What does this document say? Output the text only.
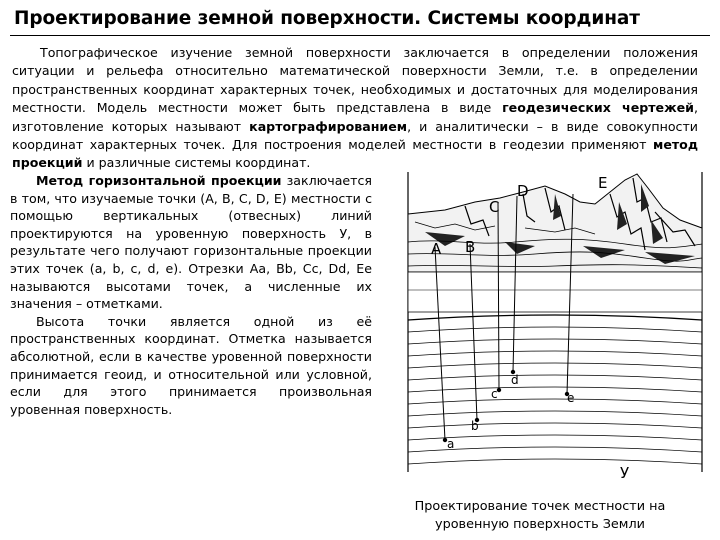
Проектирование земной поверхности. Системы координат
Топографическое изучение земной поверхности заключается в определении положения ситуации и рельефа относительно математической поверхности Земли, т.е. в определении пространственных координат характерных точек, необходимых и достаточных для моделирования местности. Модель местности может быть представлена в виде геодезических чертежей, изготовление которых называют картографированием, и аналитически – в виде совокупности координат характерных точек. Для построения моделей местности в геодезии применяют метод проекций и различные системы координат.

Метод горизонтальной проекции заключается в том, что изучаемые точки (А, В, С, D, E) местности с помощью вертикальных (отвесных) линий проектируются на уровенную поверхность У, в результате чего получают горизонтальные проекции этих точек (а, b, c, d, e). Отрезки Аа, Bb, Cc, Dd, Ee называются высотами точек, а численные их значения – отметками.

Высота точки является одной из её пространственных координат. Отметка называется абсолютной, если в качестве уровенной поверхности принимается геоид, и относительной или условной, если для этого принимается произвольная уровенная поверхность.

A B
C
D	E
a
b
c
d
e
У
Проектирование точек местности на уровенную поверхность Земли
